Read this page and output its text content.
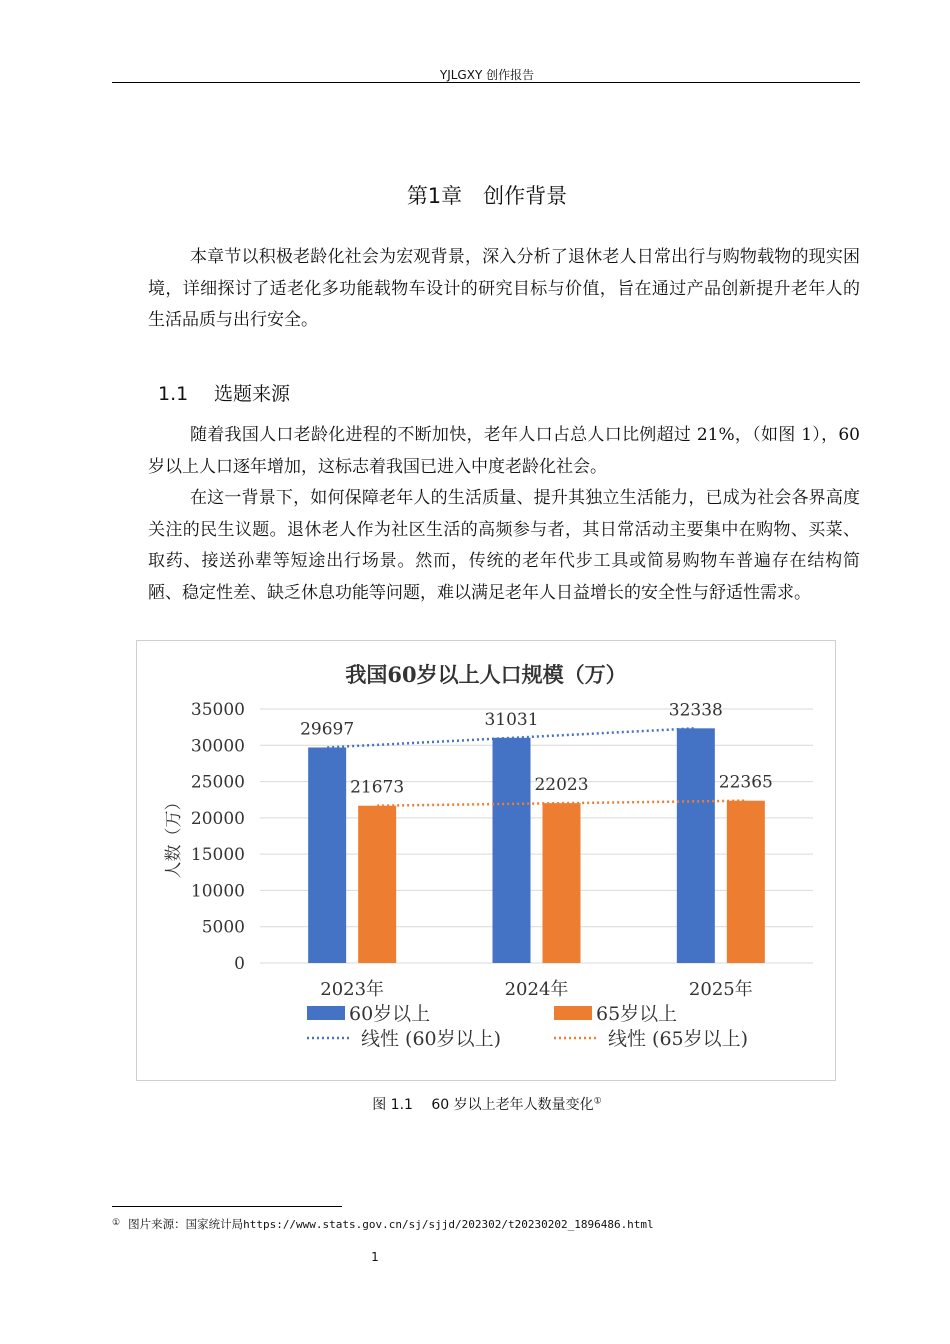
YJLGXY 创作报告
第1章　创作背景

本章节以积极老龄化社会为宏观背景，深入分析了退休老人日常出行与购物载物的现实困境，详细探讨了适老化多功能载物车设计的研究目标与价值，旨在通过产品创新提升老年人的生活品质与出行安全。

1.1 选题来源

随着我国人口老龄化进程的不断加快，老年人口占总人口比例超过 21%，（如图 1），60 岁以上人口逐年增加，这标志着我国已进入中度老龄化社会。

在这一背景下，如何保障老年人的生活质量、提升其独立生活能力，已成为社会各界高度关注的民生议题。退休老人作为社区生活的高频参与者，其日常活动主要集中在购物、买菜、取药、接送孙辈等短途出行场景。然而，传统的老年代步工具或简易购物车普遍存在结构简陋、稳定性差、缺乏休息功能等问题，难以满足老年人日益增长的安全性与舒适性需求。

我国60岁以上人口规模（万）
0
5000
10000
15000
20000
25000
30000
35000
人数（万）
29697
21673
2023年
31031
22023
2024年
32338
22365
2025年
60岁以上	65岁以上
线性 (60岁以上)	线性 (65岁以上)
图 1.1　 60 岁以上老年人数量变化①
① 图片来源：国家统计局https://www.stats.gov.cn/sj/sjjd/202302/t20230202_1896486.html
1
